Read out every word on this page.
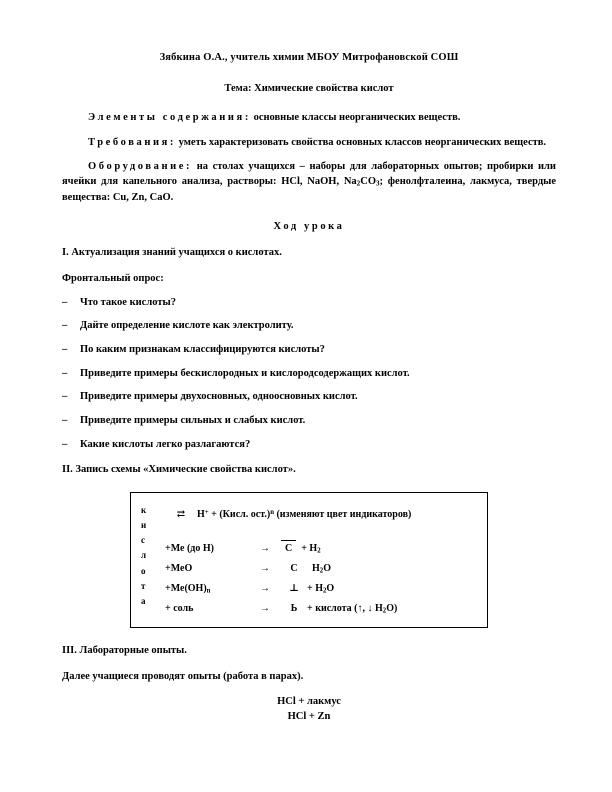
Зябкина О.А., учитель химии МБОУ Митрофановской СОШ
Тема: Химические свойства кислот

Элементы содержания: основные классы неорганических веществ.

Требования: уметь характеризовать свойства основных классов неорганических веществ.

Оборудование: на столах учащихся – наборы для лабораторных опытов; пробирки или ячейки для капельного анализа, растворы: HCl, NaOH, $Na_2CO_3$; фенолфталеина, лакмуса, твердые вещества: Cu, Zn, CaO.

Ход урока
I. Актуализация знаний учащихся о кислотах.
Фронтальный опрос:
– Что такое кислоты?
– Дайте определение кислоте как электролиту.
– По каким признакам классифицируются кислоты?
– Приведите примеры бескислородных и кислородсодержащих кислот.
– Приведите примеры двухосновных, одноосновных кислот.
– Приведите примеры сильных и слабых кислот.
– Какие кислоты легко разлагаются?
II. Запись схемы «Химические свойства кислот».
к
и
с
л
о
т
а
⇄ H+ + (Кисл. ост.)$^n$ (изменяют цвет индикаторов)
+Ме (до Н)	→ $С + H_2$
+МеО	→ С $H_2O$
$+Ме(ОН)_n$	→ ⊥ + $H_2O$
+ соль	→ Ь + кислота (↑, ↓ $H_2O$)
III. Лабораторные опыты.
Далее учащиеся проводят опыты (работа в парах).
HCl + лакмус
HCl + Zn
